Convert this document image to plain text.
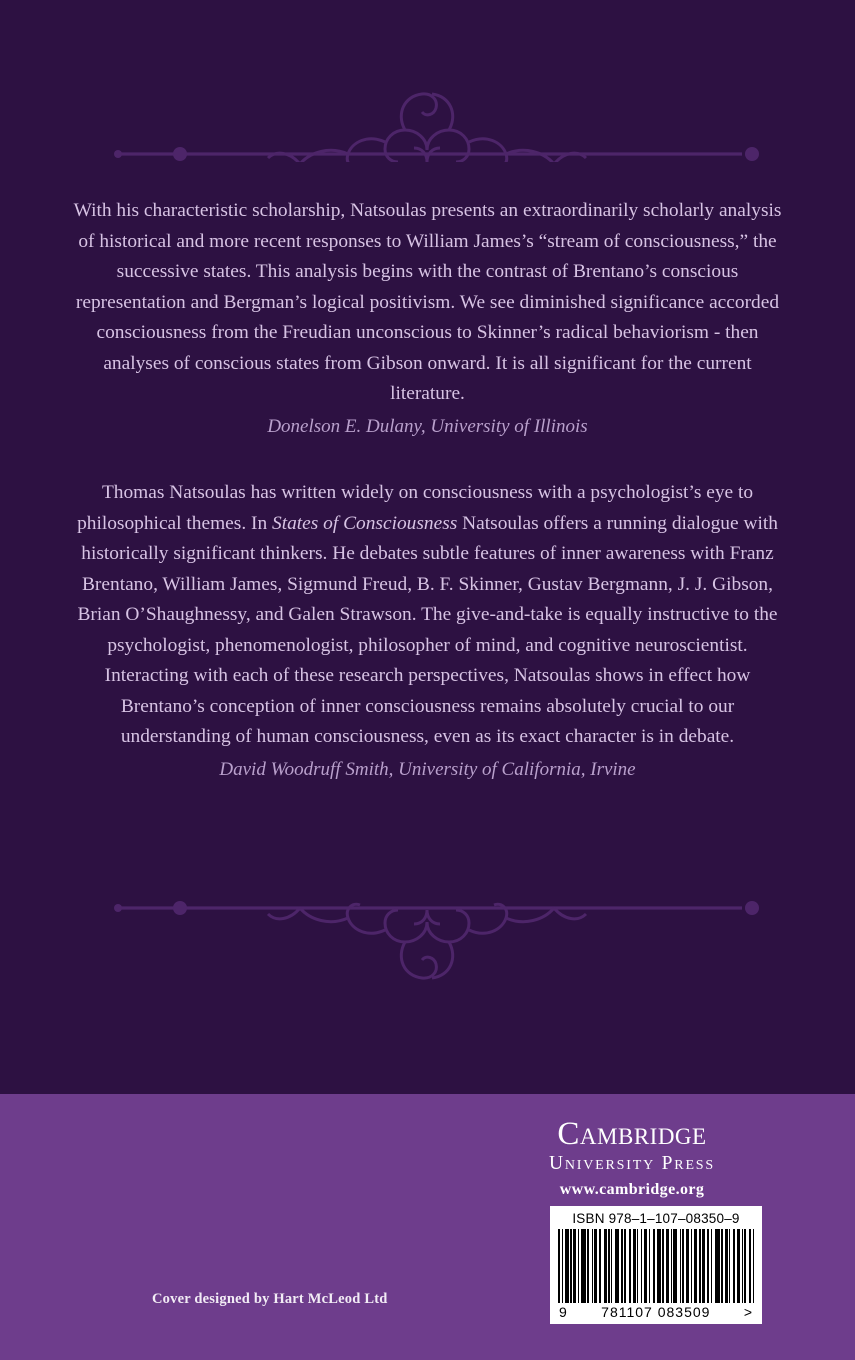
With his characteristic scholarship, Natsoulas presents an extraordinarily scholarly analysis of historical and more recent responses to William James’s “stream of consciousness,” the successive states. This analysis begins with the contrast of Brentano’s conscious representation and Bergman’s logical positivism. We see diminished significance accorded consciousness from the Freudian unconscious to Skinner’s radical behaviorism - then analyses of conscious states from Gibson onward. It is all significant for the current literature.

Donelson E. Dulany, University of Illinois

Thomas Natsoulas has written widely on consciousness with a psychologist’s eye to philosophical themes. In States of Consciousness Natsoulas offers a running dialogue with historically significant thinkers. He debates subtle features of inner awareness with Franz Brentano, William James, Sigmund Freud, B. F. Skinner, Gustav Bergmann, J. J. Gibson, Brian O’Shaughnessy, and Galen Strawson. The give-and-take is equally instructive to the psychologist, phenomenologist, philosopher of mind, and cognitive neuroscientist. Interacting with each of these research perspectives, Natsoulas shows in effect how Brentano’s conception of inner consciousness remains absolutely crucial to our understanding of human consciousness, even as its exact character is in debate.

David Woodruff Smith, University of California, Irvine

Cambridge
University Press
www.cambridge.org
ISBN 978–1–107–08350–9
9 781107 083509 >
Cover designed by Hart McLeod Ltd
